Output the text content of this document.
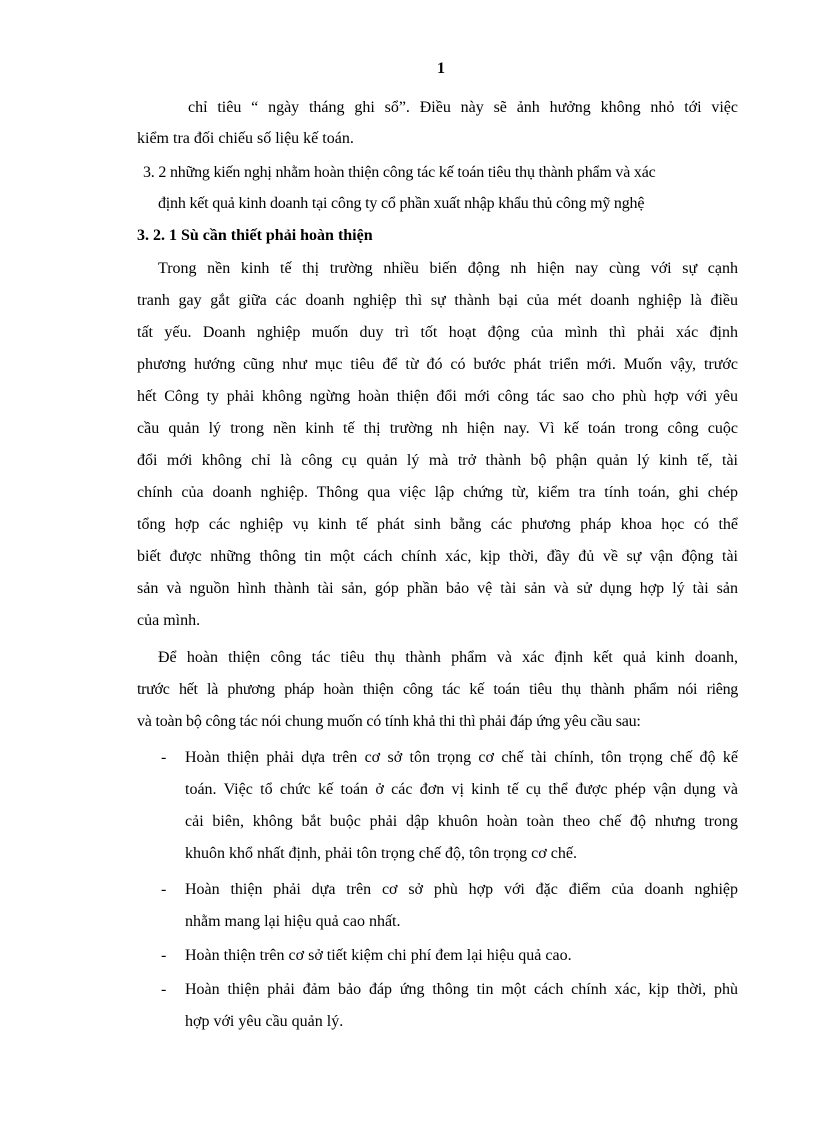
1
chỉ tiêu “ ngày tháng ghi sổ”. Điều này sẽ ảnh hưởng không nhỏ tới việc
kiểm tra đối chiếu số liệu kế toán.
3. 2 những kiến nghị nhằm hoàn thiện công tác kế toán tiêu thụ thành phẩm và xác
định kết quả kinh doanh tại công ty cổ phần xuất nhập khẩu thủ công mỹ nghệ
3. 2. 1 Sù cần thiết phải hoàn thiện
Trong nền kinh tế thị trường nhiều biến động nh hiện nay cùng với sự cạnh
tranh gay gắt giữa các doanh nghiệp thì sự thành bại của mét doanh nghiệp là điều
tất yếu. Doanh nghiệp muốn duy trì tốt hoạt động của mình thì phải xác định
phương hướng cũng như mục tiêu để từ đó có bước phát triển mới. Muốn vậy, trước
hết Công ty phải không ngừng hoàn thiện đổi mới công tác sao cho phù hợp với yêu
cầu quản lý trong nền kinh tế thị trường nh hiện nay. Vì kế toán trong công cuộc
đổi mới không chỉ là công cụ quản lý mà trở thành bộ phận quản lý kinh tế, tài
chính của doanh nghiệp. Thông qua việc lập chứng từ, kiểm tra tính toán, ghi chép
tổng hợp các nghiệp vụ kinh tế phát sinh bằng các phương pháp khoa học có thể
biết được những thông tin một cách chính xác, kịp thời, đầy đủ về sự vận động tài
sản và nguồn hình thành tài sản, góp phần bảo vệ tài sản và sử dụng hợp lý tài sản
của mình.
Để hoàn thiện công tác tiêu thụ thành phẩm và xác định kết quả kinh doanh,
trước hết là phương pháp hoàn thiện công tác kế toán tiêu thụ thành phẩm nói riêng
và toàn bộ công tác nói chung muốn có tính khả thi thì phải đáp ứng yêu cầu sau:
- Hoàn thiện phải dựa trên cơ sở tôn trọng cơ chế tài chính, tôn trọng chế độ kế
toán. Việc tổ chức kế toán ở các đơn vị kinh tế cụ thể được phép vận dụng và
cải biên, không bắt buộc phải dập khuôn hoàn toàn theo chế độ nhưng trong
khuôn khổ nhất định, phải tôn trọng chế độ, tôn trọng cơ chế.
- Hoàn thiện phải dựa trên cơ sở phù hợp với đặc điểm của doanh nghiệp
nhằm mang lại hiệu quả cao nhất.
- Hoàn thiện trên cơ sở tiết kiệm chi phí đem lại hiệu quả cao.
- Hoàn thiện phải đảm bảo đáp ứng thông tin một cách chính xác, kịp thời, phù
hợp với yêu cầu quản lý.
